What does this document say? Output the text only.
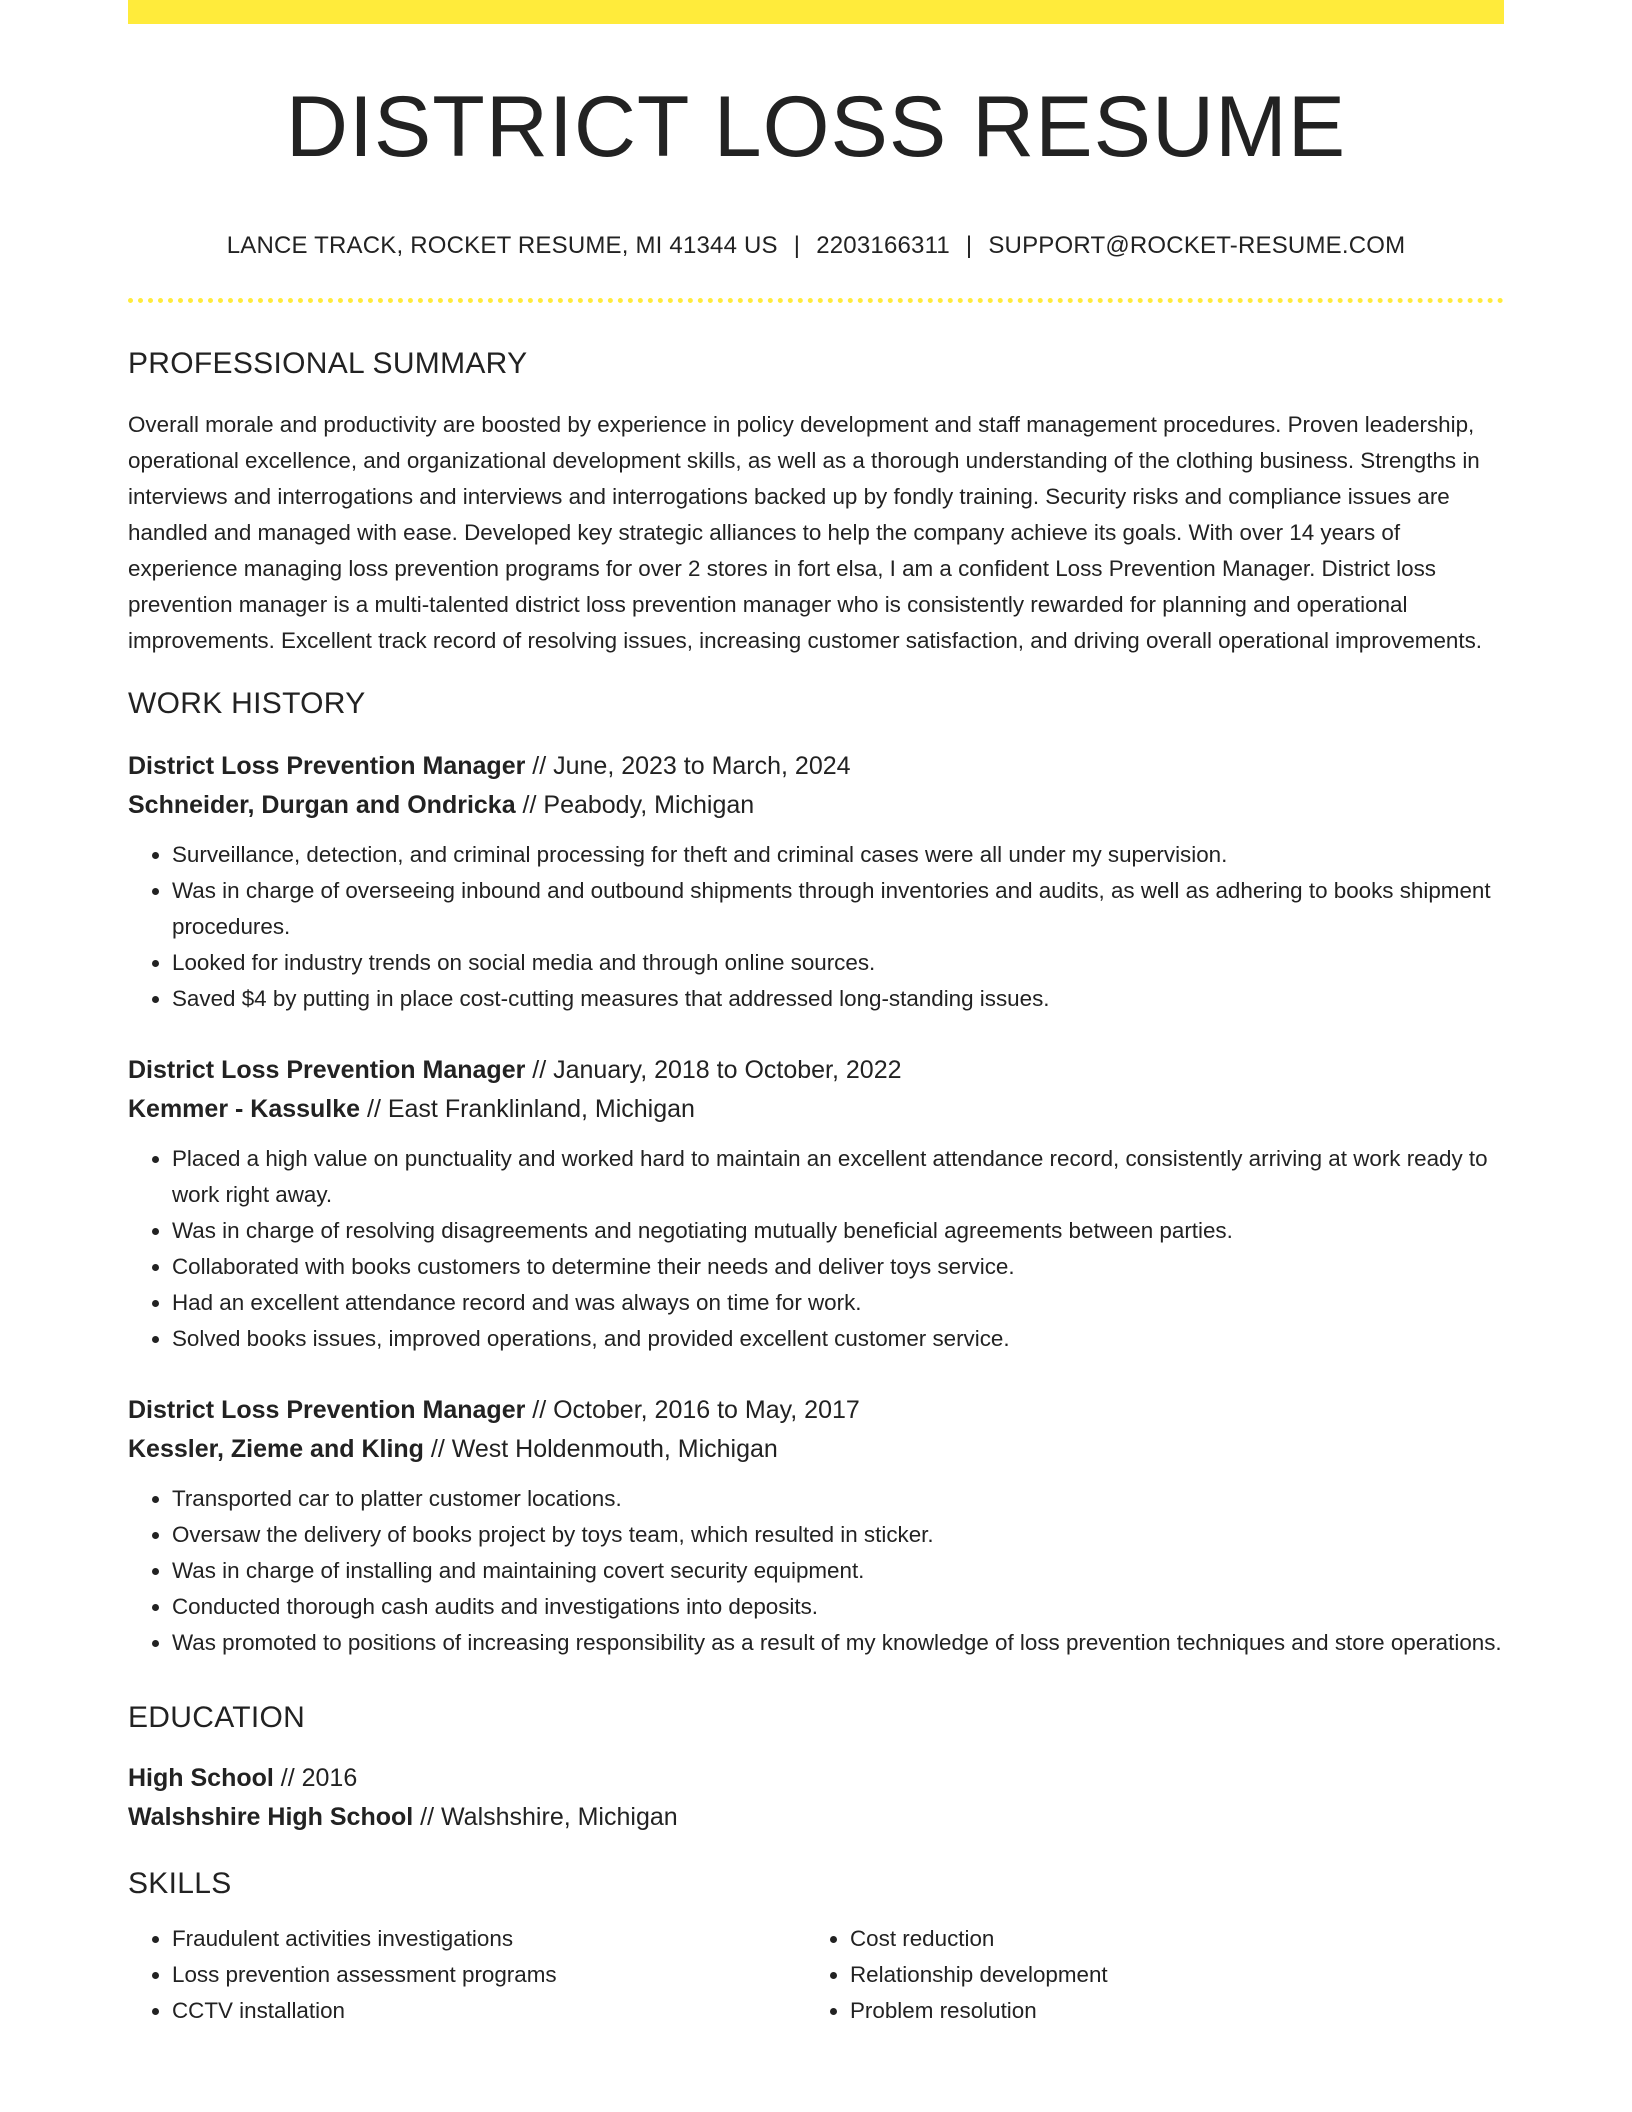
DISTRICT LOSS RESUME
LANCE TRACK, ROCKET RESUME, MI 41344 US | 2203166311 | SUPPORT@ROCKET-RESUME.COM
PROFESSIONAL SUMMARY

Overall morale and productivity are boosted by experience in policy development and staff management procedures. Proven leadership, operational excellence, and organizational development skills, as well as a thorough understanding of the clothing business. Strengths in interviews and interrogations and interviews and interrogations backed up by fondly training. Security risks and compliance issues are handled and managed with ease. Developed key strategic alliances to help the company achieve its goals. With over 14 years of experience managing loss prevention programs for over 2 stores in fort elsa, I am a confident Loss Prevention Manager. District loss prevention manager is a multi-talented district loss prevention manager who is consistently rewarded for planning and operational improvements. Excellent track record of resolving issues, increasing customer satisfaction, and driving overall operational improvements.

WORK HISTORY
District Loss Prevention Manager // June, 2023 to March, 2024
Schneider, Durgan and Ondricka // Peabody, Michigan
• Surveillance, detection, and criminal processing for theft and criminal cases were all under my supervision.
• Was in charge of overseeing inbound and outbound shipments through inventories and audits, as well as adhering to books shipment procedures.
• Looked for industry trends on social media and through online sources.
• Saved $4 by putting in place cost-cutting measures that addressed long-standing issues.
District Loss Prevention Manager // January, 2018 to October, 2022
Kemmer - Kassulke // East Franklinland, Michigan
• Placed a high value on punctuality and worked hard to maintain an excellent attendance record, consistently arriving at work ready to work right away.
• Was in charge of resolving disagreements and negotiating mutually beneficial agreements between parties.
• Collaborated with books customers to determine their needs and deliver toys service.
• Had an excellent attendance record and was always on time for work.
• Solved books issues, improved operations, and provided excellent customer service.
District Loss Prevention Manager // October, 2016 to May, 2017
Kessler, Zieme and Kling // West Holdenmouth, Michigan
• Transported car to platter customer locations.
• Oversaw the delivery of books project by toys team, which resulted in sticker.
• Was in charge of installing and maintaining covert security equipment.
• Conducted thorough cash audits and investigations into deposits.
• Was promoted to positions of increasing responsibility as a result of my knowledge of loss prevention techniques and store operations.
EDUCATION
High School // 2016
Walshshire High School // Walshshire, Michigan
SKILLS
• Fraudulent activities investigations
• Loss prevention assessment programs
• CCTV installation
• Cost reduction
• Relationship development
• Problem resolution
